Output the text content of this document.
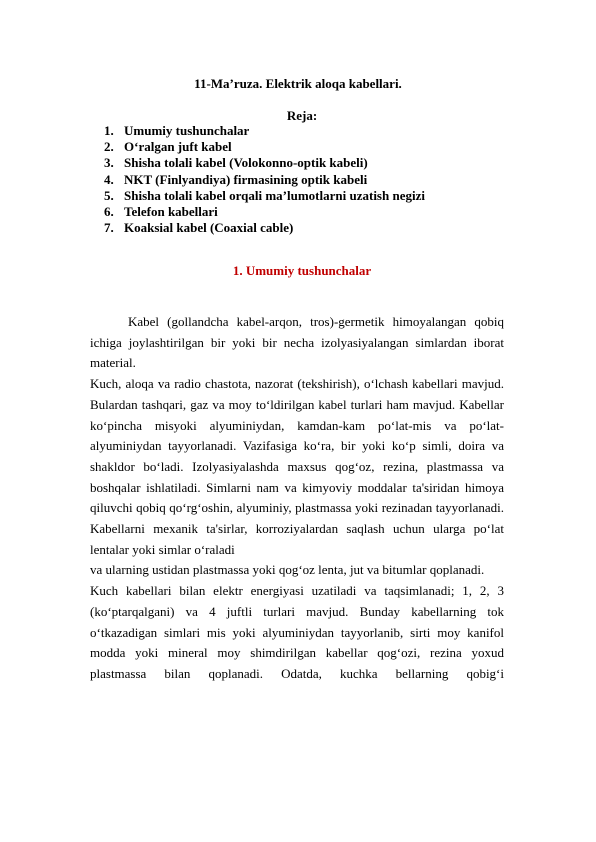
11-Ma’ruza. Elektrik aloqa kabellari.
Reja:
1. Umumiy tushunchalar
2. O‘ralgan juft kabel
3. Shisha tolali kabel (Volokonno-optik kabeli)
4. NKT (Finlyandiya) firmasining optik kabeli
5. Shisha tolali kabel orqali ma’lumotlarni uzatish negizi
6. Telefon kabellari
7. Koaksial kabel (Coaxial cable)
1. Umumiy tushunchalar

Kabel (gollandcha kabel-arqon, tros)-germetik himoyalangan qobiq ichiga joylashtirilgan bir yoki bir necha izolyasiyalangan simlardan iborat material.

Kuch, aloqa va radio chastota, nazorat (tekshirish), o‘lchash kabellari mavjud. Bulardan tashqari, gaz va moy to‘ldirilgan kabel turlari ham mavjud. Kabellar ko‘pincha misyoki alyuminiydan, kamdan-kam po‘lat-mis va po‘lat-alyuminiydan tayyorlanadi. Vazifasiga ko‘ra, bir yoki ko‘p simli, doira va shakldor bo‘ladi. Izolyasiyalashda maxsus qog‘oz, rezina, plastmassa va boshqalar ishlatiladi. Simlarni nam va kimyoviy moddalar ta'siridan himoya qiluvchi qobiq qo‘rg‘oshin, alyuminiy, plastmassa yoki rezinadan tayyorlanadi. Kabellarni mexanik ta'sirlar, korroziyalardan saqlash uchun ularga po‘lat lentalar yoki simlar o‘raladi

va ularning ustidan plastmassa yoki qog‘oz lenta, jut va bitumlar qoplanadi.

Kuch kabellari bilan elektr energiyasi uzatiladi va taqsimlanadi; 1, 2, 3 (ko‘ptarqalgani) va 4 juftli turlari mavjud. Bunday kabellarning tok o‘tkazadigan simlari mis yoki alyuminiydan tayyorlanib, sirti moy kanifol modda yoki mineral moy shimdirilgan kabellar qog‘ozi, rezina yoxud plastmassa bilan qoplanadi. Odatda, kuchka bellarning qobig‘i
